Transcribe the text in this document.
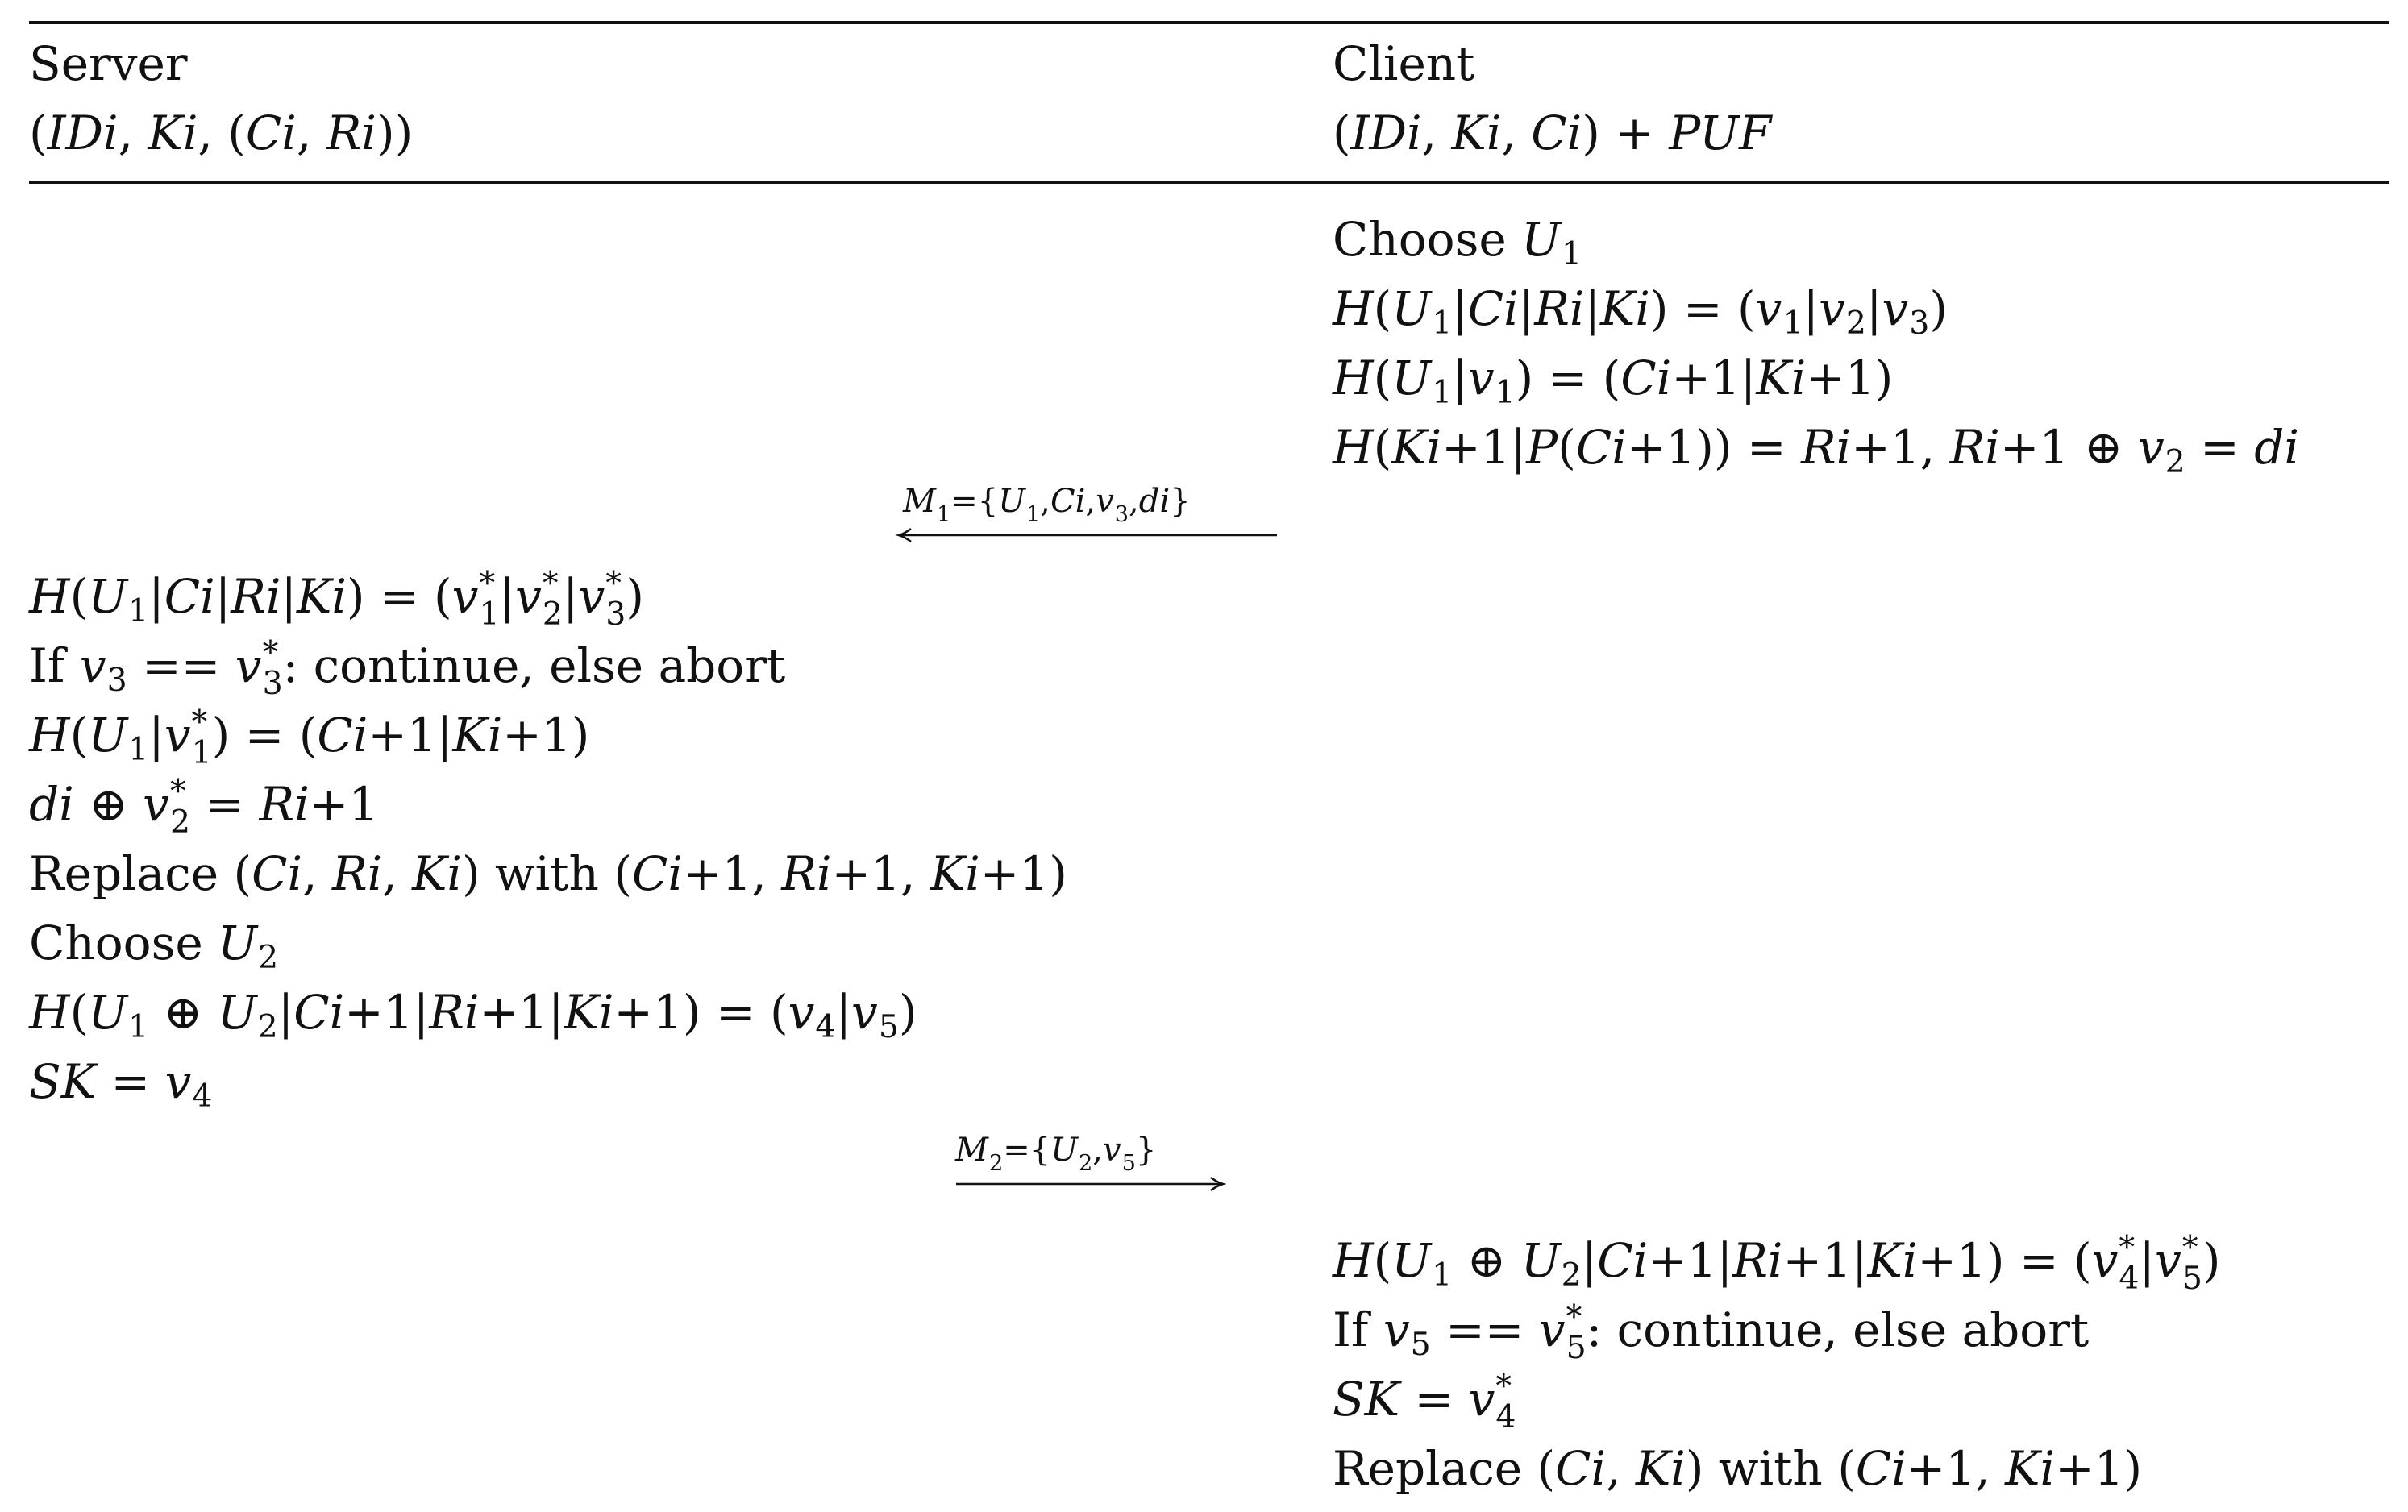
Server
(IDi, Ki, (Ci, Ri))
Client
(IDi, Ki, Ci) + PUF
Choose U 1
H(U 1 |Ci|Ri|Ki) = (v 1 |v 2 |v 3 )
H(U 1 |v 1 ) = (Ci+1|Ki+1)
H(Ki+1|P(Ci+1)) = Ri+1, Ri+1 ⊕ v 2 = di
M 1 ={U 1 ,Ci,v 3 ,di}
H(U 1 |Ci|Ri|Ki) = (v *
1 |v *
2 |v *
3 )
If v 3 == v *
3 : continue, else abort
H(U 1 |v *
1 ) = (Ci+1|Ki+1)
di ⊕ v *
2 = Ri+1
Replace (Ci, Ri, Ki) with (Ci+1, Ri+1, Ki+1)
Choose U 2
H(U 1 ⊕ U 2 |Ci+1|Ri+1|Ki+1) = (v 4 |v 5 )
SK = v 4
M 2 ={U 2 ,v 5 }
H(U 1 ⊕ U 2 |Ci+1|Ri+1|Ki+1) = (v *
4 |v *
5 )
If v 5 == v *
5 : continue, else abort
SK = v *
4
Replace (Ci, Ki) with (Ci+1, Ki+1)
